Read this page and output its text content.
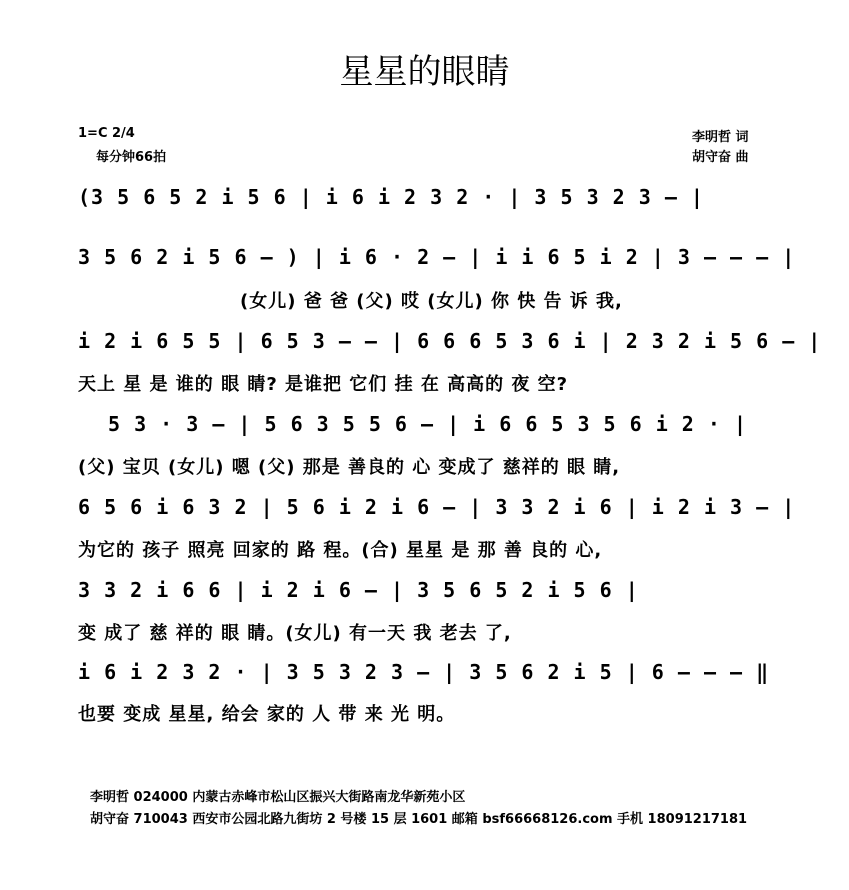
星星的眼睛
1=C 2/4
每分钟66拍
李明哲 词
胡守奋 曲
(3 5 6 5 2 i 5 6 | i 6 i 2 3 2 · | 3 5 3 2 3 — |
3 5 6 2 i 5 6 — ) | i 6 · 2 — | i i 6 5 i 2 | 3 — — — |
(女儿) 爸 爸 (父) 哎 (女儿) 你 快 告 诉 我,
i 2 i 6 5 5 | 6 5 3 — — | 6 6 6 5 3 6 i | 2 3 2 i 5 6 — |
天上 星 是 谁的 眼 睛? 是谁把 它们 挂 在 高高的 夜 空?
5 3 · 3 — | 5 6 3 5 5 6 — | i 6 6 5 3 5 6 i 2 · |
(父) 宝贝 (女儿) 嗯 (父) 那是 善良的 心 变成了 慈祥的 眼 睛,
6 5 6 i 6 3 2 | 5 6 i 2 i 6 — | 3 3 2 i 6 | i 2 i 3 — |
为它的 孩子 照亮 回家的 路 程。(合) 星星 是 那 善 良的 心,
3 3 2 i 6 6 | i 2 i 6 — | 3 5 6 5 2 i 5 6 |
变 成了 慈 祥的 眼 睛。(女儿) 有一天 我 老去 了,
i 6 i 2 3 2 · | 3 5 3 2 3 — | 3 5 6 2 i 5 | 6 — — — ‖
也要 变成 星星, 给会 家的 人 带 来 光 明。
李明哲 024000 内蒙古赤峰市松山区振兴大街路南龙华新苑小区
胡守奋 710043 西安市公园北路九街坊 2 号楼 15 层 1601 邮箱 bsf66668126.com 手机 18091217181
